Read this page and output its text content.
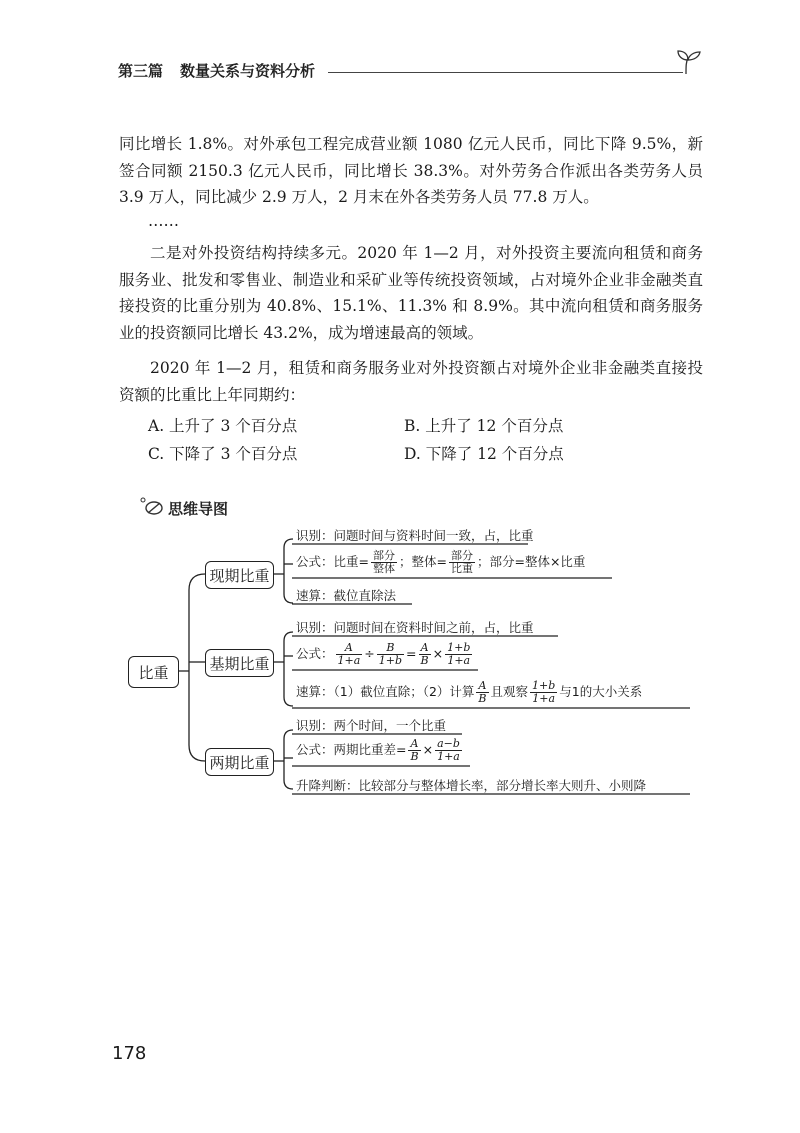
第三篇 数量关系与资料分析
同比增长 1.8%。对外承包工程完成营业额 1080 亿元人民币，同比下降 9.5%，新签合同额 2150.3 亿元人民币，同比增长 38.3%。对外劳务合作派出各类劳务人员 3.9 万人，同比减少 2.9 万人，2 月末在外各类劳务人员 77.8 万人。
……
二是对外投资结构持续多元。2020 年 1—2 月，对外投资主要流向租赁和商务服务业、批发和零售业、制造业和采矿业等传统投资领域，占对境外企业非金融类直接投资的比重分别为 40.8%、15.1%、11.3% 和 8.9%。其中流向租赁和商务服务业的投资额同比增长 43.2%，成为增速最高的领域。
2020 年 1—2 月，租赁和商务服务业对外投资额占对境外企业非金融类直接投资额的比重比上年同期约：
A. 上升了 3 个百分点	B. 上升了 12 个百分点
C. 下降了 3 个百分点	D. 下降了 12 个百分点
思维导图
比重
现期比重
基期比重
两期比重
识别：问题时间与资料时间一致，占，比重
公式：比重= $\frac{\text{部分}}{\text{整体}}$ ；整体= $\frac{\text{部分}}{\text{比重}}$ ；部分=整体×比重
速算：截位直除法
识别：问题时间在资料时间之前，占，比重
公式： $\frac{A}{1+a} \div \frac{B}{1+b} = \frac{A}{B} \times \frac{1+b}{1+a}$
速算：（1）截位直除；（2）计算 $\frac{A}{B}$ 且观察 $\frac{1+b}{1+a}$ 与1的大小关系
识别：两个时间，一个比重
公式：两期比重差= $\frac{A}{B} \times \frac{a-b}{1+a}$
升降判断：比较部分与整体增长率，部分增长率大则升、小则降
178
